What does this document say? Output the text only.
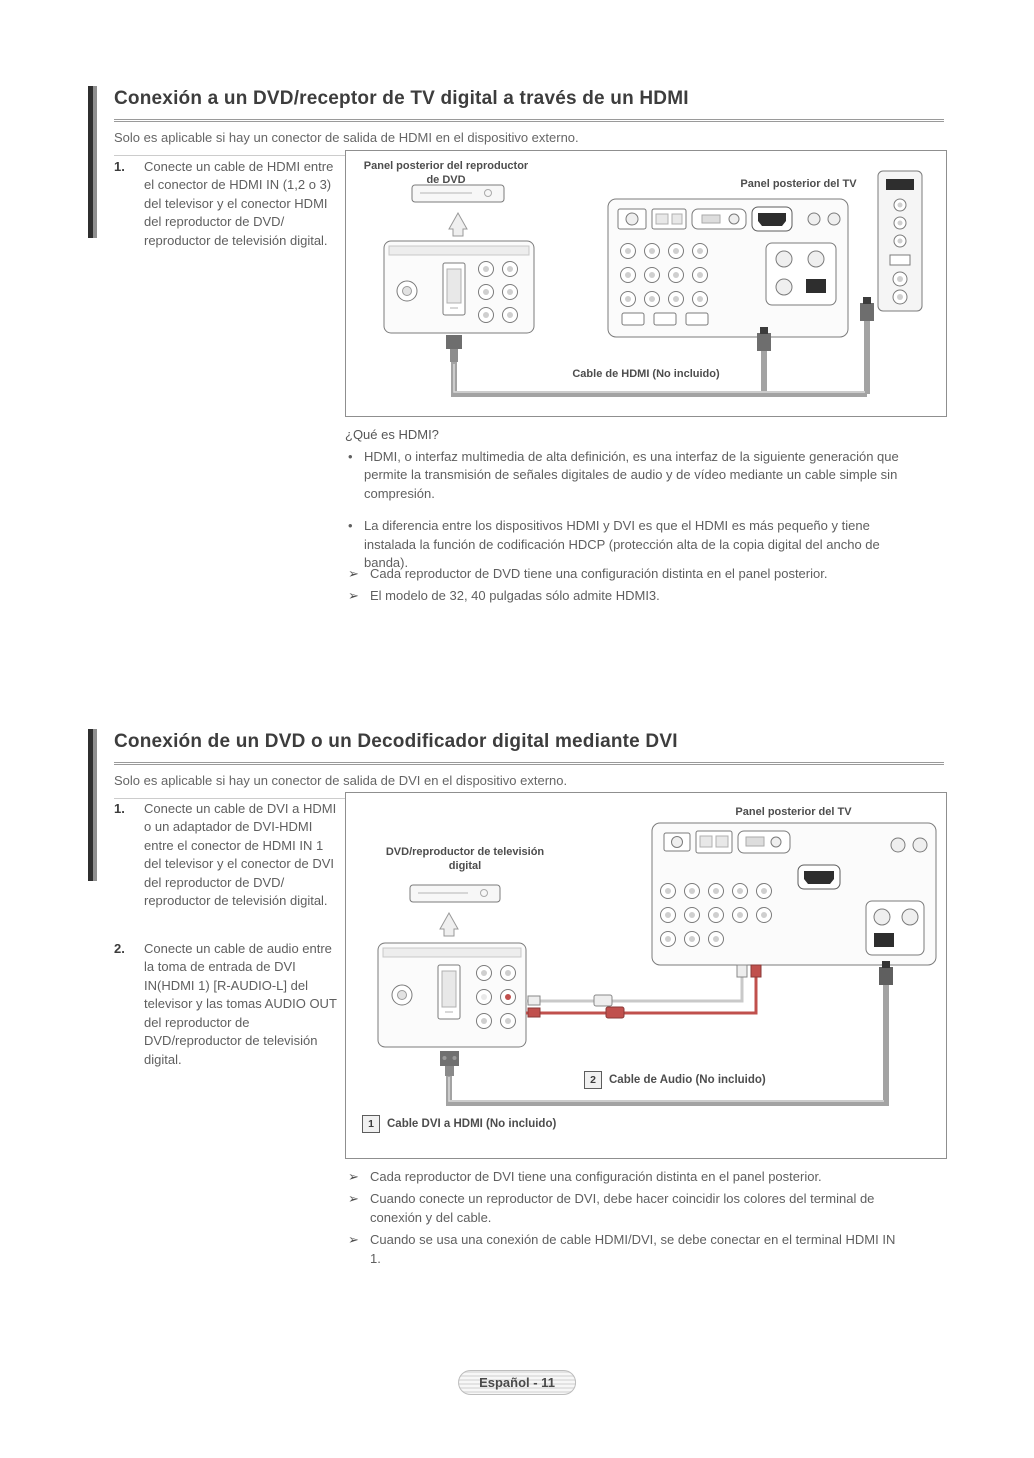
Conexión a un DVD/receptor de TV digital a través de un HDMI
Solo es aplicable si hay un conector de salida de HDMI en el dispositivo externo.
1.	Conecte un cable de HDMI entre el conector de HDMI IN (1,2 o 3) del televisor y el conector HDMI del reproductor de DVD/ reproductor de televisión digital.
Panel posterior del reproductor de DVD	Panel posterior del TV
Cable de HDMI (No incluido)
¿Qué es HDMI?
• HDMI, o interfaz multimedia de alta definición, es una interfaz de la siguiente generación que permite la transmisión de señales digitales de audio y de vídeo mediante un cable simple sin compresión.
• La diferencia entre los dispositivos HDMI y DVI es que el HDMI es más pequeño y tiene instalada la función de codificación HDCP (protección alta de la copia digital del ancho de banda).
➢ Cada reproductor de DVD tiene una configuración distinta en el panel posterior.
➢ El modelo de 32, 40 pulgadas sólo admite HDMI3.
Conexión de un DVD o un Decodificador digital mediante DVI
Solo es aplicable si hay un conector de salida de DVI en el dispositivo externo.
1.	Conecte un cable de DVI a HDMI o un adaptador de DVI-HDMI entre el conector de HDMI IN 1 del televisor y el conector de DVI del reproductor de DVD/ reproductor de televisión digital.
2.	Conecte un cable de audio entre la toma de entrada de DVI IN(HDMI 1) [R-AUDIO-L] del televisor y las tomas AUDIO OUT del reproductor de DVD/reproductor de televisión digital.
Panel posterior del TV
DVD/reproductor de televisión digital
2	Cable de Audio (No incluido)
1	Cable DVI a HDMI (No incluido)
➢ Cada reproductor de DVI tiene una configuración distinta en el panel posterior.
➢ Cuando conecte un reproductor de DVI, debe hacer coincidir los colores del terminal de conexión y del cable.
➢ Cuando se usa una conexión de cable HDMI/DVI, se debe conectar en el terminal HDMI IN 1.
Español - 11
